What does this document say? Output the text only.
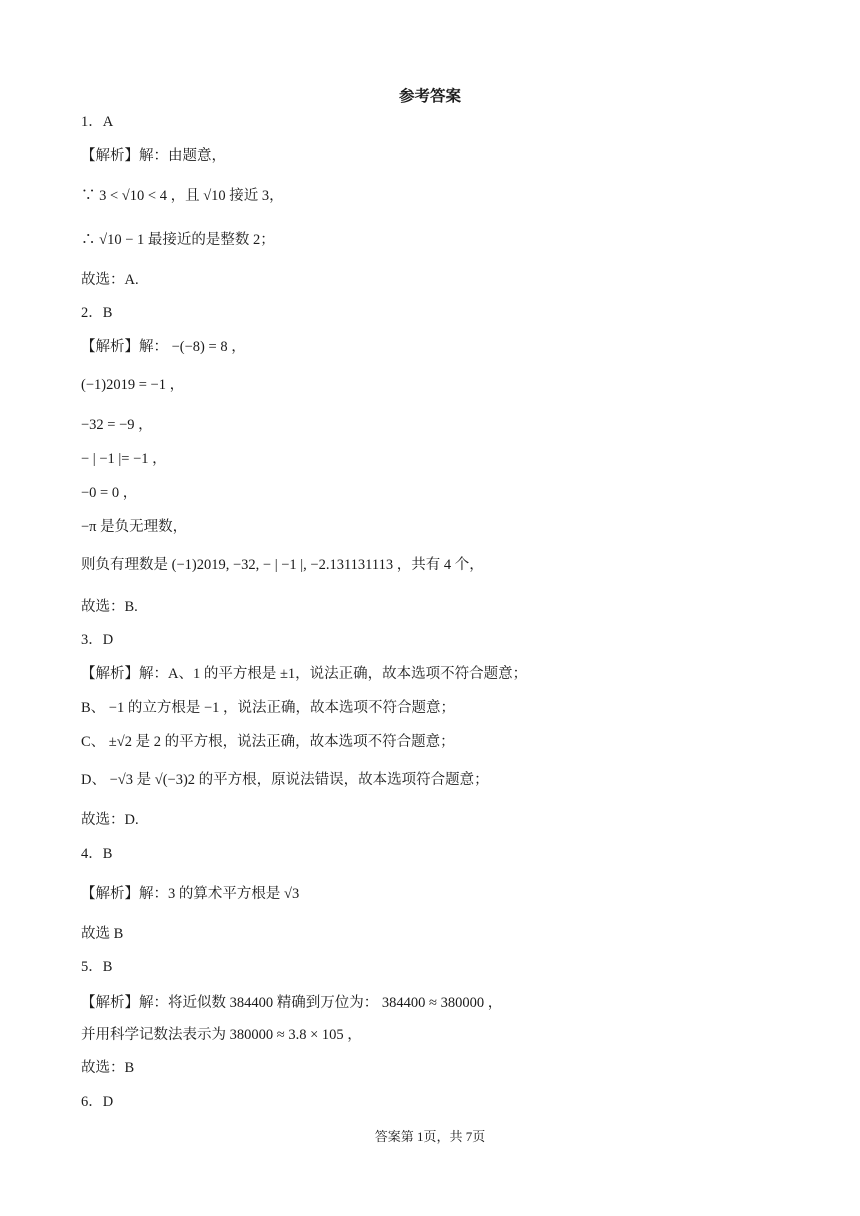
参考答案
1．A
【解析】解：由题意，
∵ 3 < √10 < 4 ，且 √10 接近 3，
∴ √10 − 1 最接近的是整数 2；
故选：A.
2．B
【解析】解： −(−8) = 8 ，
(−1)2019 = −1 ，
−32 = −9 ，
− | −1 |= −1 ，
−0 = 0 ，
−π 是负无理数，
则负有理数是 (−1)2019, −32, − | −1 |, −2.131131113 ，共有 4 个，
故选：B.
3．D
【解析】解：A、1 的平方根是 ±1，说法正确，故本选项不符合题意；
B、 −1 的立方根是 −1 ，说法正确，故本选项不符合题意；
C、 ±√2 是 2 的平方根，说法正确，故本选项不符合题意；
D、 −√3 是 √(−3)2 的平方根，原说法错误，故本选项符合题意；
故选：D.
4．B
【解析】解：3 的算术平方根是 √3
故选 B
5．B
【解析】解：将近似数 384400 精确到万位为： 384400 ≈ 380000 ，
并用科学记数法表示为 380000 ≈ 3.8 × 105 ，
故选：B
6．D
答案第 1页，共 7页
